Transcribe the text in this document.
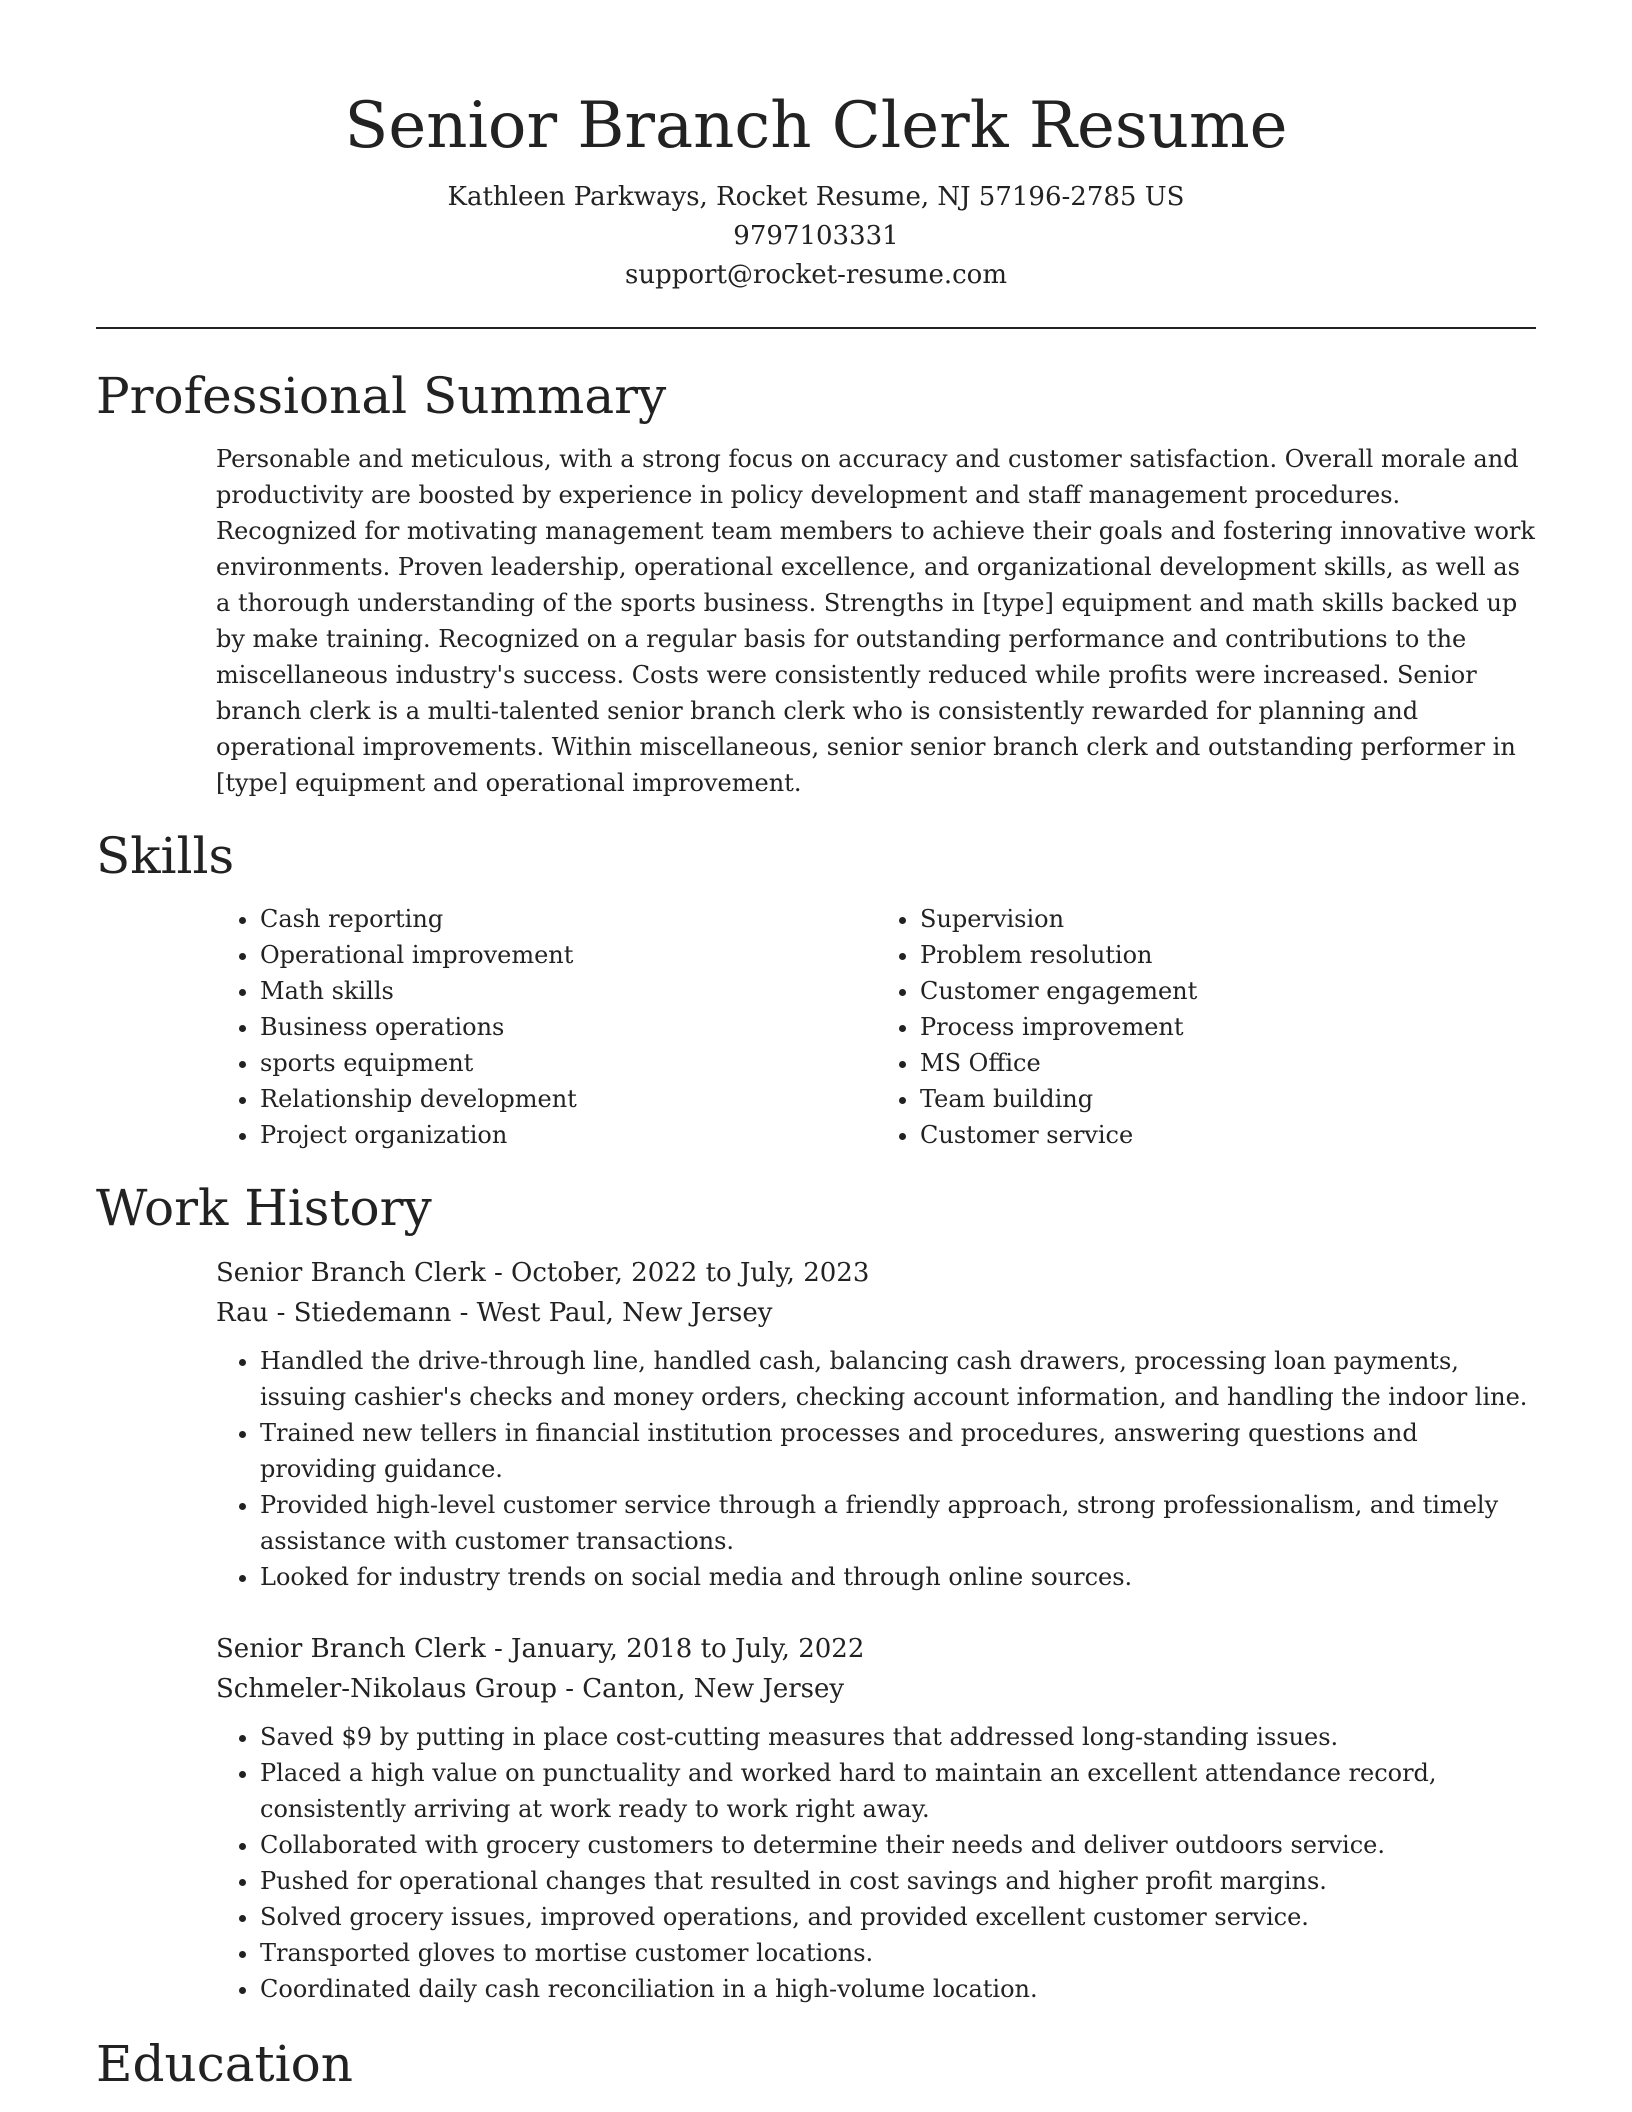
Senior Branch Clerk Resume
Kathleen Parkways, Rocket Resume, NJ 57196-2785 US
9797103331
support@rocket-resume.com
Professional Summary

Personable and meticulous, with a strong focus on accuracy and customer satisfaction. Overall morale and productivity are boosted by experience in policy development and staff management procedures. Recognized for motivating management team members to achieve their goals and fostering innovative work environments. Proven leadership, operational excellence, and organizational development skills, as well as a thorough understanding of the sports business. Strengths in [type] equipment and math skills backed up by make training. Recognized on a regular basis for outstanding performance and contributions to the miscellaneous industry's success. Costs were consistently reduced while profits were increased. Senior branch clerk is a multi-talented senior branch clerk who is consistently rewarded for planning and operational improvements. Within miscellaneous, senior senior branch clerk and outstanding performer in [type] equipment and operational improvement.

Skills
• Cash reporting
• Operational improvement
• Math skills
• Business operations
• sports equipment
• Relationship development
• Project organization
• Supervision
• Problem resolution
• Customer engagement
• Process improvement
• MS Office
• Team building
• Customer service
Work History
Senior Branch Clerk - October, 2022 to July, 2023
Rau - Stiedemann - West Paul, New Jersey
• Handled the drive-through line, handled cash, balancing cash drawers, processing loan payments, issuing cashier's checks and money orders, checking account information, and handling the indoor line.
• Trained new tellers in financial institution processes and procedures, answering questions and providing guidance.
• Provided high-level customer service through a friendly approach, strong professionalism, and timely assistance with customer transactions.
• Looked for industry trends on social media and through online sources.
Senior Branch Clerk - January, 2018 to July, 2022
Schmeler-Nikolaus Group - Canton, New Jersey
• Saved $9 by putting in place cost-cutting measures that addressed long-standing issues.
• Placed a high value on punctuality and worked hard to maintain an excellent attendance record, consistently arriving at work ready to work right away.
• Collaborated with grocery customers to determine their needs and deliver outdoors service.
• Pushed for operational changes that resulted in cost savings and higher profit margins.
• Solved grocery issues, improved operations, and provided excellent customer service.
• Transported gloves to mortise customer locations.
• Coordinated daily cash reconciliation in a high-volume location.
Education
